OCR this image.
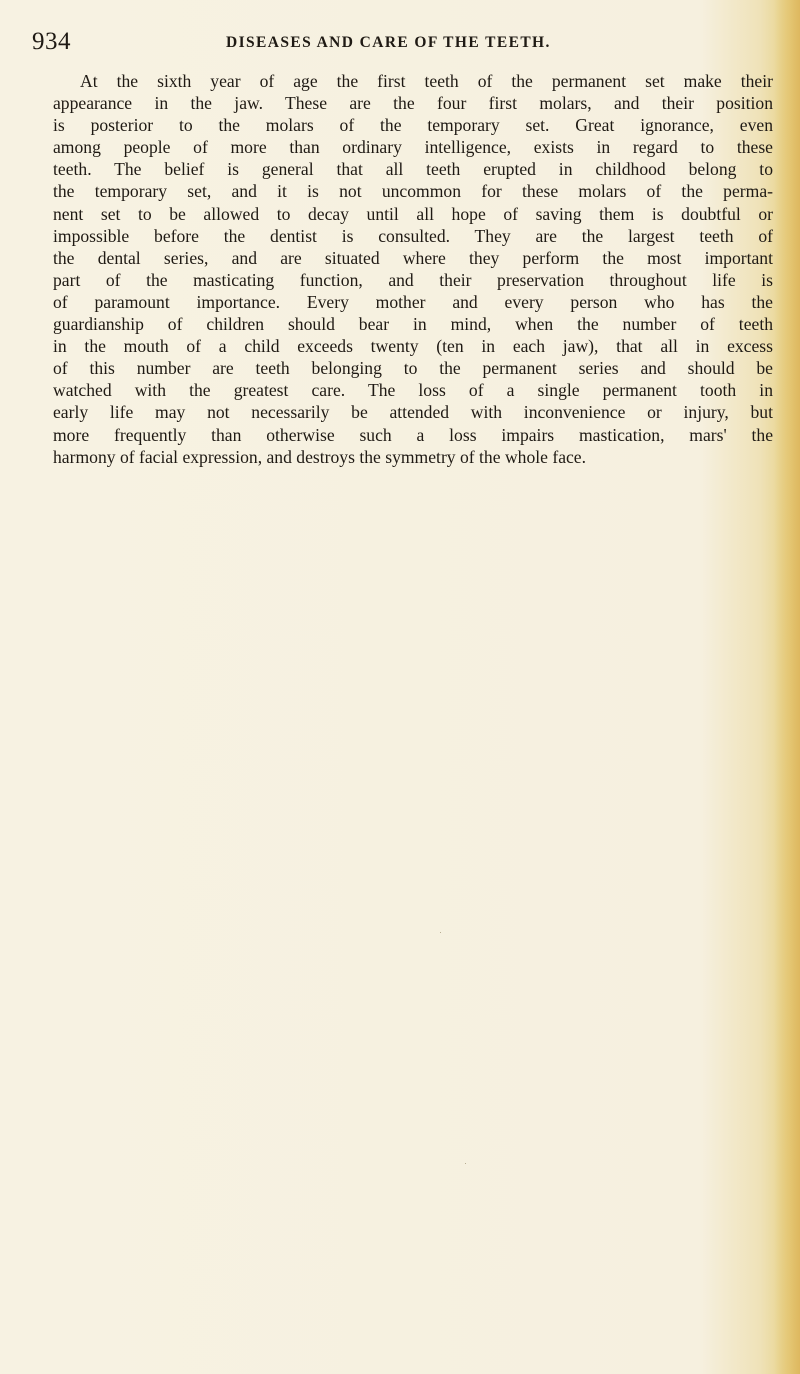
934	DISEASES AND CARE OF THE TEETH.
At the sixth year of age the first teeth of the permanent set make their
appearance in the jaw. These are the four first molars, and their position
is posterior to the molars of the temporary set. Great ignorance, even
among people of more than ordinary intelligence, exists in regard to these
teeth. The belief is general that all teeth erupted in childhood belong to
the temporary set, and it is not uncommon for these molars of the perma-
nent set to be allowed to decay until all hope of saving them is doubtful or
impossible before the dentist is consulted. They are the largest teeth of
the dental series, and are situated where they perform the most important
part of the masticating function, and their preservation throughout life is
of paramount importance. Every mother and every person who has the
guardianship of children should bear in mind, when the number of teeth
in the mouth of a child exceeds twenty (ten in each jaw), that all in excess
of this number are teeth belonging to the permanent series and should be
watched with the greatest care. The loss of a single permanent tooth in
early life may not necessarily be attended with inconvenience or injury, but
more frequently than otherwise such a loss impairs mastication, mars' the
harmony of facial expression, and destroys the symmetry of the whole face.
